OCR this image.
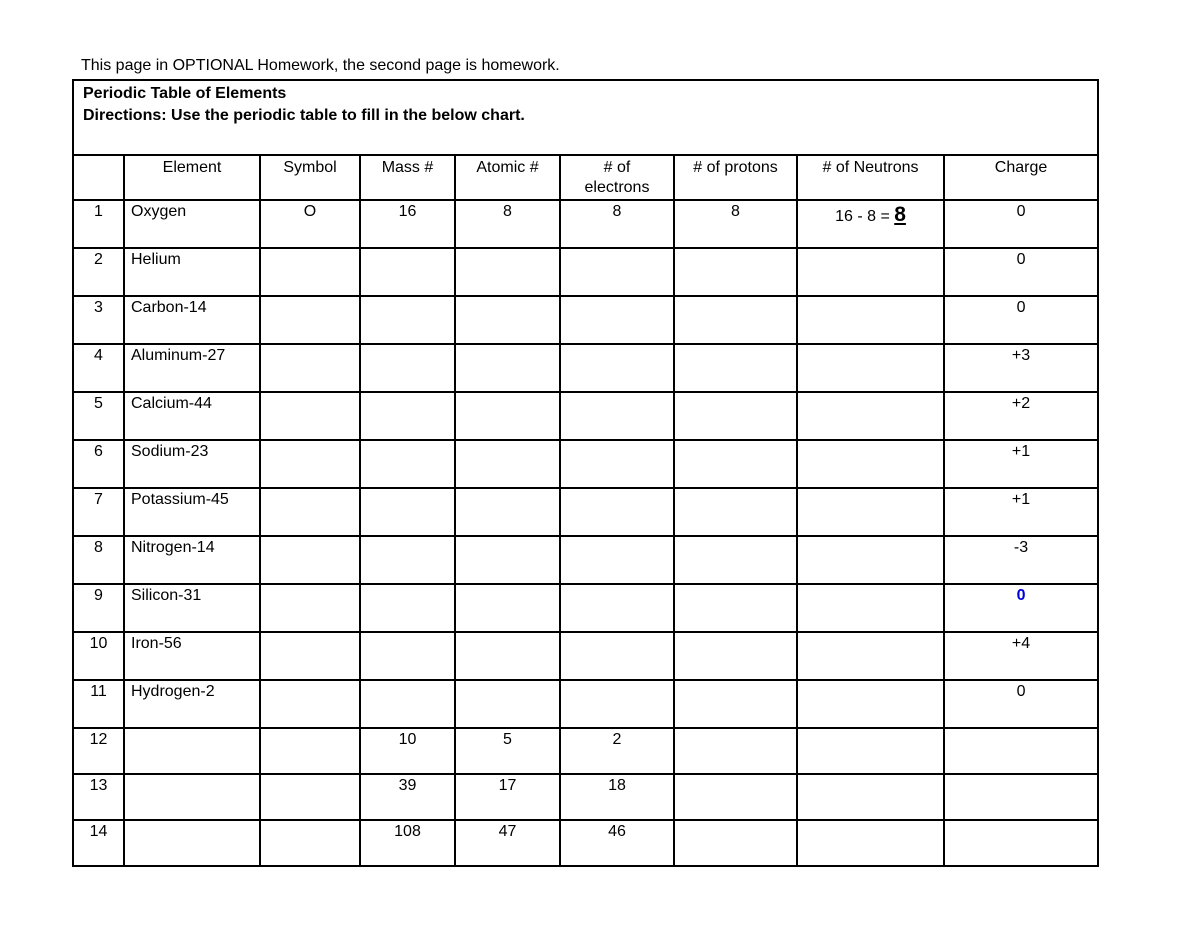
This page in OPTIONAL Homework, the second page is homework.
Periodic Table of Elements
Directions: Use the periodic table to fill in the below chart.								

	Element	Symbol	Mass #	Atomic #	# of electrons	# of protons	# of Neutrons	Charge
1	Oxygen	O	16	8	8	8	16 - 8 = 8	0
2	Helium							0
3	Carbon-14							0
4	Aluminum-27							+3
5	Calcium-44							+2
6	Sodium-23							+1
7	Potassium-45							+1
8	Nitrogen-14							-3
9	Silicon-31							0
10	Iron-56							+4
11	Hydrogen-2							0
12			10	5	2			
13			39	17	18			
14			108	47	46			
